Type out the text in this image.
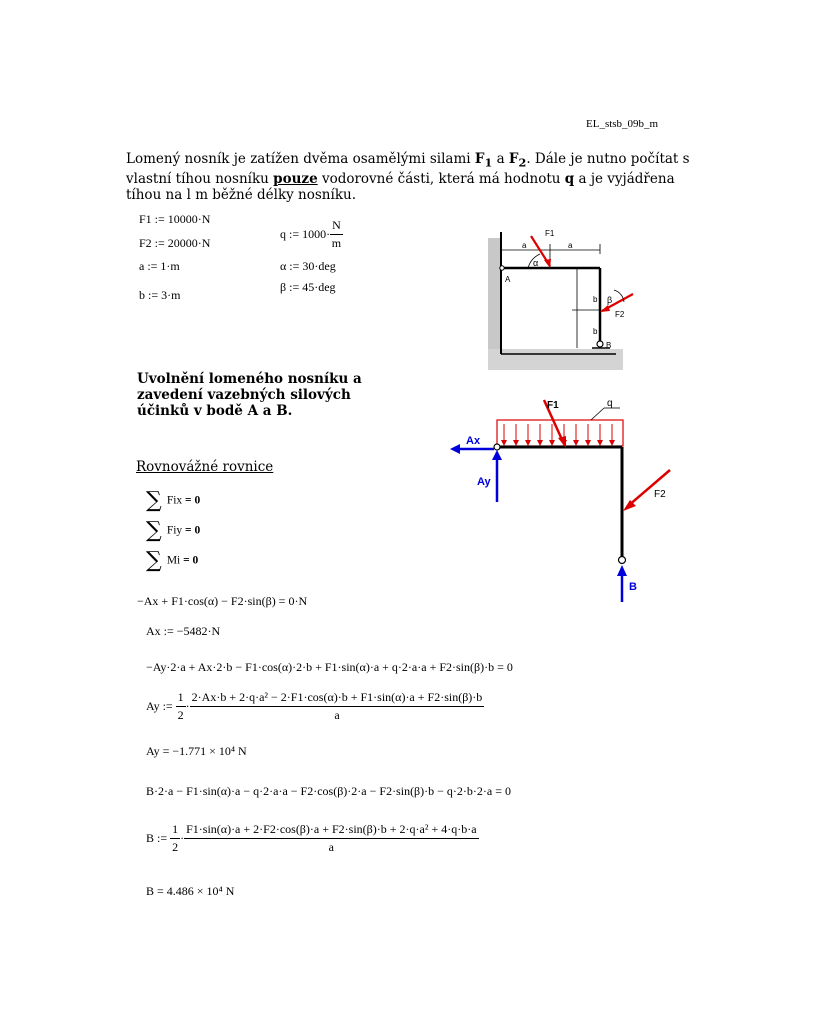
EL_stsb_09b_m
Lomený nosník je zatížen dvěma osamělými silami $F_1$ a $F_2$. Dále je nutno počítat s vlastní tíhou nosníku pouze vodorovné části, která má hodnotu q a je vyjádřena tíhou na l m běžné délky nosníku.
F1 := 10000·N
F2 := 20000·N
a := 1·m
b := 3·m
q := $1000\cdot \frac{N}{m}$
α := 30·deg
β := 45·deg
a	a
F1
α
A
b
b
F2
β
B
Uvolnění lomeného nosníku a
zavedení vazebných silových
účinků v bodě A a B.	q
F1
Ax
Ay
F2
B
Rovnovážné rovnice
∑ Fix = 0
∑ Fiy = 0
∑ Mi = 0
−Ax + F1·cos(α) − F2·sin(β) = 0·N
Ax := −5482·N
−Ay·2·a + Ax·2·b − F1·cos(α)·2·b + F1·sin(α)·a + q·2·a·a + F2·sin(β)·b = 0
Ay := $\frac{1}{2} \cdot \frac{\text{2·Ax·b + 2·q·a² − 2·F1·cos(α)·b + F1·sin(α)·a + F2·sin(β)·b}}{a}$
Ay = −1.771 × 10⁴ N
B·2·a − F1·sin(α)·a − q·2·a·a − F2·cos(β)·2·a − F2·sin(β)·b − q·2·b·2·a = 0
B := $\frac{1}{2} \cdot \frac{\text{F1·sin(α)·a + 2·F2·cos(β)·a + F2·sin(β)·b + 2·q·a² + 4·q·b·a}}{a}$
B = 4.486 × 10⁴ N
